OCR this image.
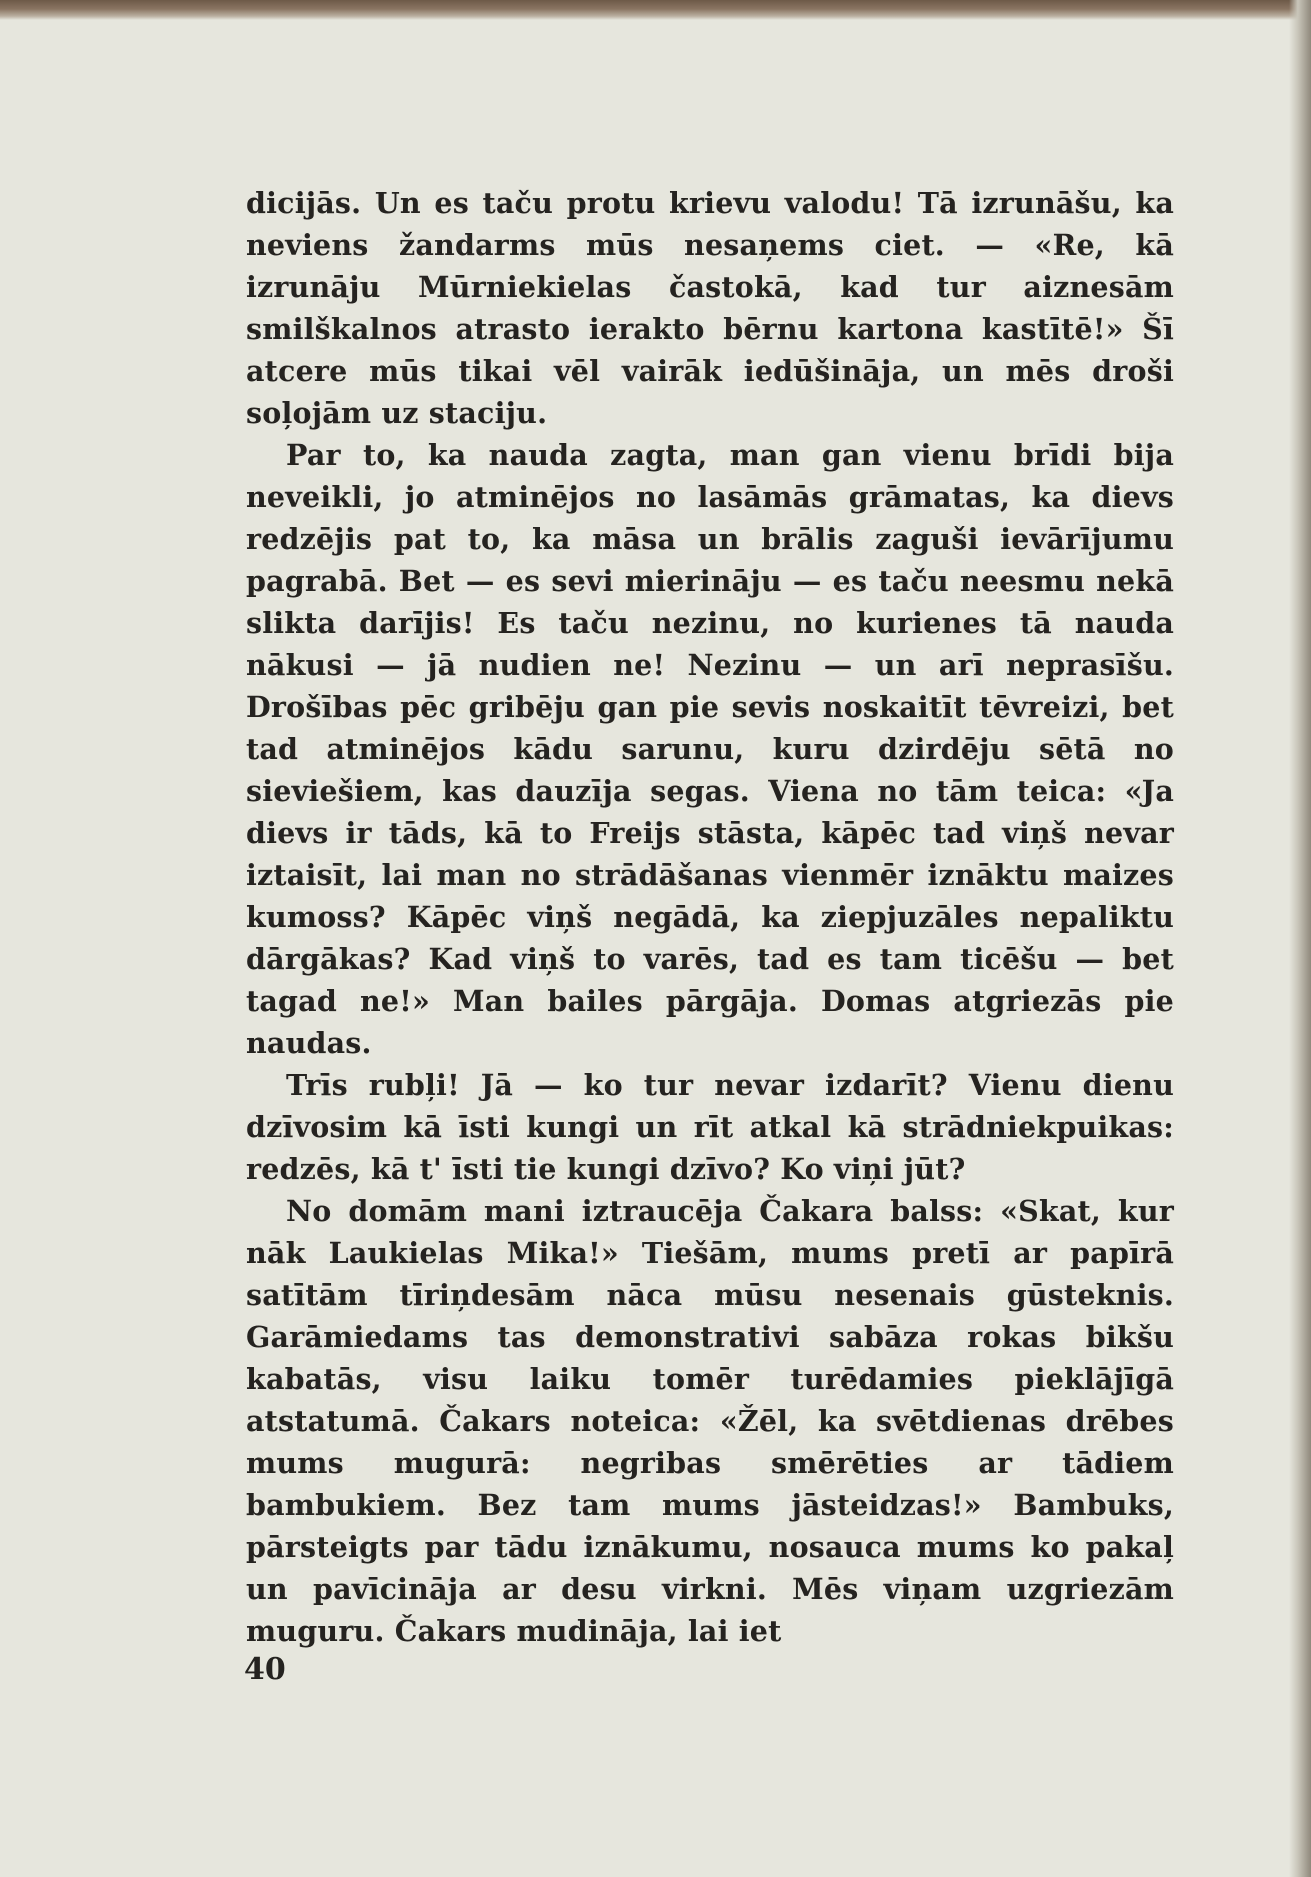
dicijās. Un es taču protu krievu valodu! Tā izrunāšu, ka neviens žandarms mūs nesaņems ciet. — «Re, kā izrunāju Mūrniekielas častokā, kad tur aiznesām smilškalnos atrasto ierakto bērnu kartona kastītē!» Šī atcere mūs tikai vēl vairāk iedūšināja, un mēs droši soļojām uz staciju.

Par to, ka nauda zagta, man gan vienu brīdi bija neveikli, jo atminējos no lasāmās grāmatas, ka dievs redzējis pat to, ka māsa un brālis zaguši ievārījumu pagrabā. Bet — es sevi mierināju — es taču neesmu nekā slikta darījis! Es taču nezinu, no kurienes tā nauda nākusi — jā nudien ne! Nezinu — un arī neprasīšu. Drošības pēc gribēju gan pie sevis noskaitīt tēvreizi, bet tad atminējos kādu sarunu, kuru dzirdēju sētā no sieviešiem, kas dauzīja segas. Viena no tām teica: «Ja dievs ir tāds, kā to Freijs stāsta, kāpēc tad viņš nevar iztaisīt, lai man no strādāšanas vienmēr iznāktu maizes kumoss? Kāpēc viņš negādā, ka ziepjuzāles nepaliktu dārgākas? Kad viņš to varēs, tad es tam ticēšu — bet tagad ne!» Man bailes pārgāja. Domas atgriezās pie naudas.

Trīs rubļi! Jā — ko tur nevar izdarīt? Vienu dienu dzīvosim kā īsti kungi un rīt atkal kā strādniekpuikas: redzēs, kā t' īsti tie kungi dzīvo? Ko viņi jūt?

No domām mani iztraucēja Čakara balss: «Skat, kur nāk Laukielas Mika!» Tiešām, mums pretī ar papīrā satītām tīriņdesām nāca mūsu nesenais gūsteknis. Garāmiedams tas demonstrativi sabāza rokas bikšu kabatās, visu laiku tomēr turēdamies pieklājīgā atstatumā. Čakars noteica: «Žēl, ka svētdienas drēbes mums mugurā: negribas smērēties ar tādiem bambukiem. Bez tam mums jāsteidzas!» Bambuks, pārsteigts par tādu iznākumu, nosauca mums ko pakaļ un pavīcināja ar desu virkni. Mēs viņam uzgriezām muguru. Čakars mudināja, lai iet

40
